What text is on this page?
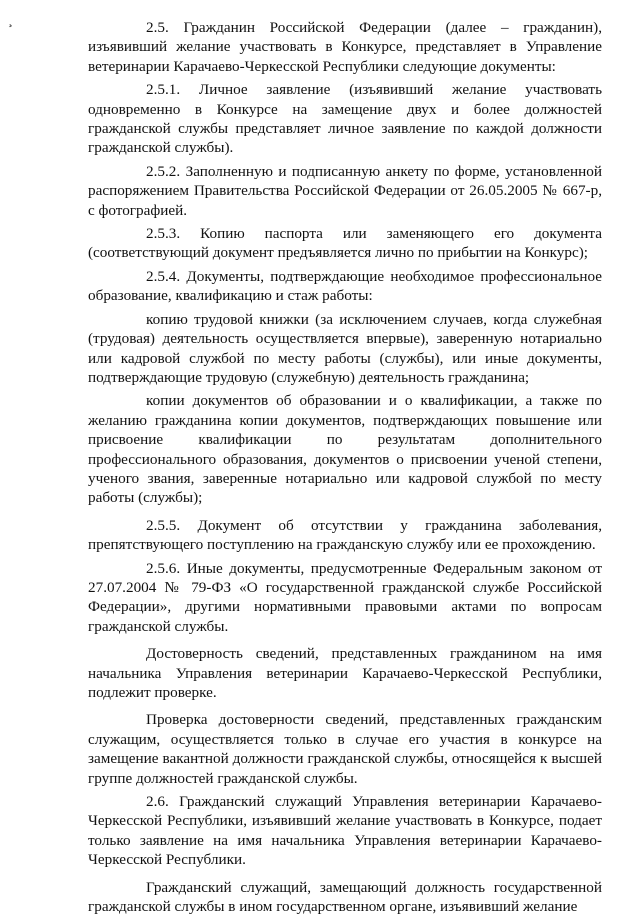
¸	2.5. Гражданин Российской Федерации (далее – гражданин), изъявивший желание участвовать в Конкурсе, представляет в Управление ветеринарии Карачаево-Черкесской Республики следующие документы:

2.5.1. Личное заявление (изъявивший желание участвовать одновременно в Конкурсе на замещение двух и более должностей гражданской службы представляет личное заявление по каждой должности гражданской службы).

2.5.2. Заполненную и подписанную анкету по форме, установленной распоряжением Правительства Российской Федерации от 26.05.2005 № 667-р, с фотографией.

2.5.3. Копию паспорта или заменяющего его документа (соответствующий документ предъявляется лично по прибытии на Конкурс);

2.5.4. Документы, подтверждающие необходимое профессиональное образование, квалификацию и стаж работы:

копию трудовой книжки (за исключением случаев, когда служебная (трудовая) деятельность осуществляется впервые), заверенную нотариально или кадровой службой по месту работы (службы), или иные документы, подтверждающие трудовую (служебную) деятельность гражданина;

копии документов об образовании и о квалификации, а также по желанию гражданина копии документов, подтверждающих повышение или присвоение квалификации по результатам дополнительного профессионального образования, документов о присвоении ученой степени, ученого звания, заверенные нотариально или кадровой службой по месту работы (службы);

2.5.5. Документ об отсутствии у гражданина заболевания, препятствующего поступлению на гражданскую службу или ее прохождению.

2.5.6. Иные документы, предусмотренные Федеральным законом от 27.07.2004 № 79-ФЗ «О государственной гражданской службе Российской Федерации», другими нормативными правовыми актами по вопросам гражданской службы.

Достоверность сведений, представленных гражданином на имя начальника Управления ветеринарии Карачаево-Черкесской Республики, подлежит проверке.

Проверка достоверности сведений, представленных гражданским служащим, осуществляется только в случае его участия в конкурсе на замещение вакантной должности гражданской службы, относящейся к высшей группе должностей гражданской службы.

2.6. Гражданский служащий Управления ветеринарии Карачаево-Черкесской Республики, изъявивший желание участвовать в Конкурсе, подает только заявление на имя начальника Управления ветеринарии Карачаево-Черкесской Республики.

Гражданский служащий, замещающий должность государственной гражданской службы в ином государственном органе, изъявивший желание
